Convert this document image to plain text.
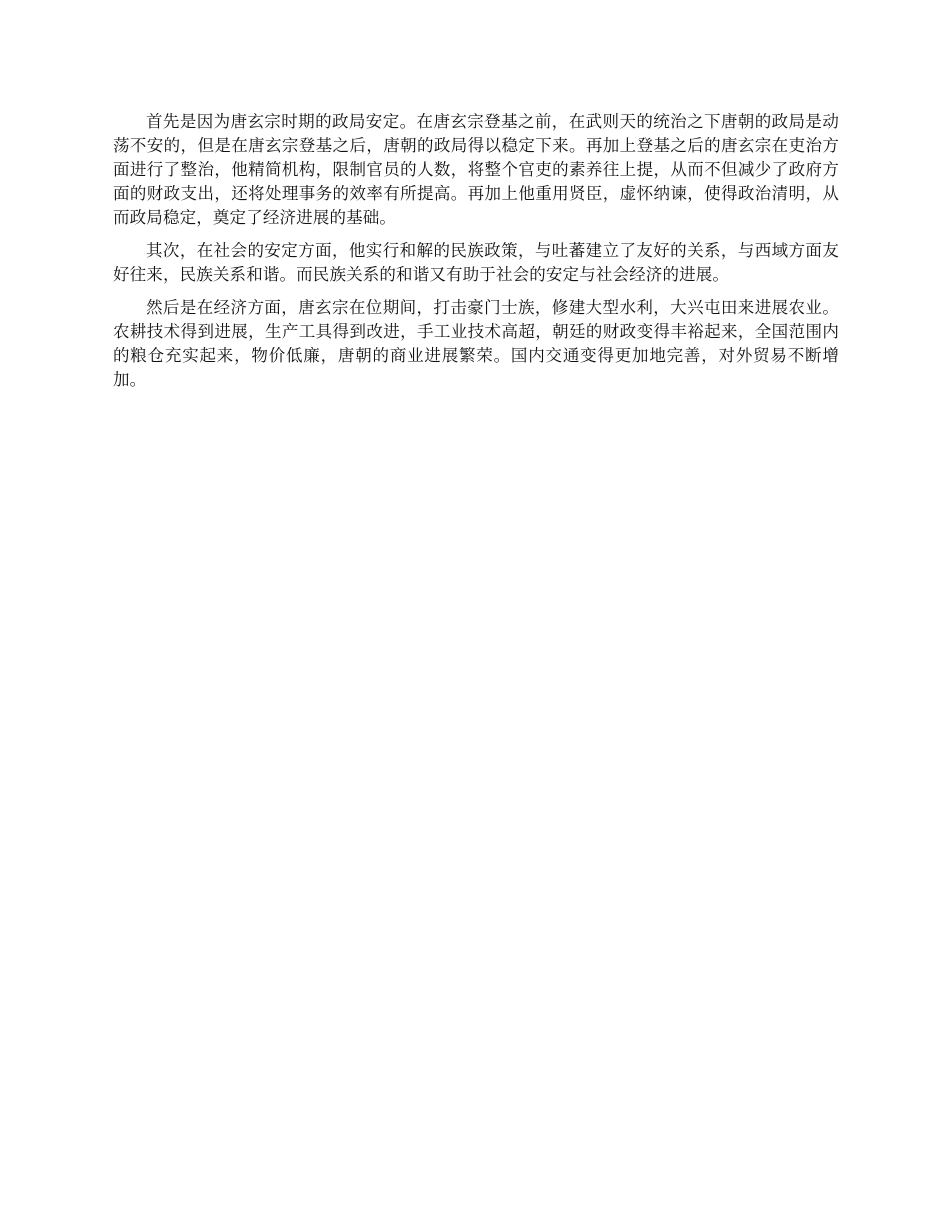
首先是因为唐玄宗时期的政局安定。在唐玄宗登基之前，在武则天的统治之下唐朝的政局是动荡不安的，但是在唐玄宗登基之后，唐朝的政局得以稳定下来。再加上登基之后的唐玄宗在吏治方面进行了整治，他精简机构，限制官员的人数，将整个官吏的素养往上提，从而不但减少了政府方面的财政支出，还将处理事务的效率有所提高。再加上他重用贤臣，虚怀纳谏，使得政治清明，从而政局稳定，奠定了经济进展的基础。

其次，在社会的安定方面，他实行和解的民族政策，与吐蕃建立了友好的关系，与西域方面友好往来，民族关系和谐。而民族关系的和谐又有助于社会的安定与社会经济的进展。

然后是在经济方面，唐玄宗在位期间，打击豪门士族，修建大型水利，大兴屯田来进展农业。农耕技术得到进展，生产工具得到改进，手工业技术高超，朝廷的财政变得丰裕起来，全国范围内的粮仓充实起来，物价低廉，唐朝的商业进展繁荣。国内交通变得更加地完善，对外贸易不断增加。
